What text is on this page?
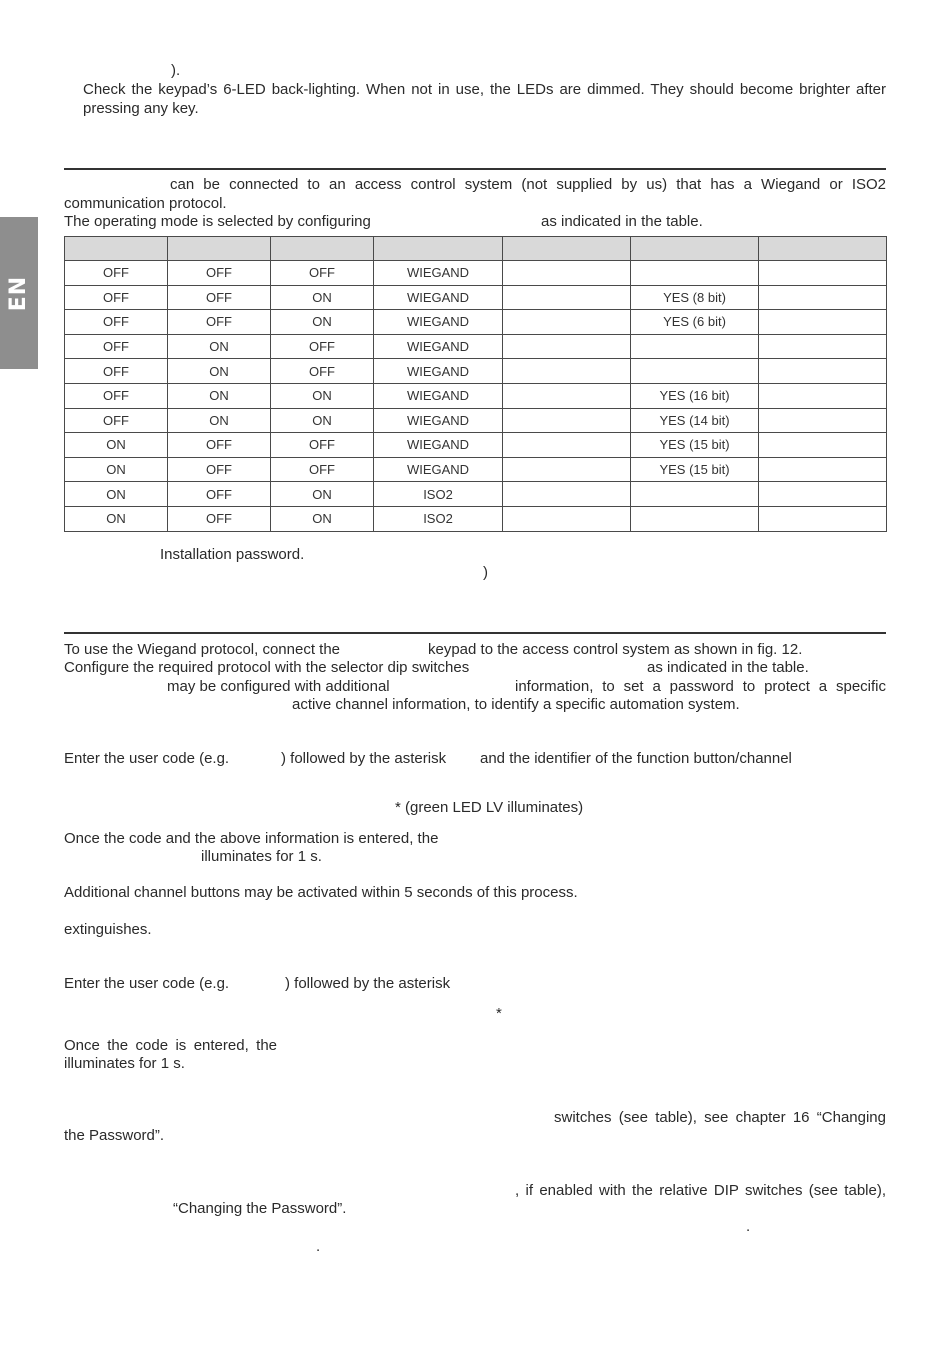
EN
).
Check the keypad’s 6-LED back-lighting. When not in use, the LEDs are dimmed. They should become brighter after
pressing any key.
can be connected to an access control system (not supplied by us) that has a Wiegand or ISO2
communication protocol.
The operating mode is selected by configuring	as indicated in the table.

OFF	OFF	OFF	WIEGAND			
OFF	OFF	ON	WIEGAND		YES (8 bit)	
OFF	OFF	ON	WIEGAND		YES (6 bit)	
OFF	ON	OFF	WIEGAND			
OFF	ON	OFF	WIEGAND			
OFF	ON	ON	WIEGAND		YES (16 bit)	
OFF	ON	ON	WIEGAND		YES (14 bit)	
ON	OFF	OFF	WIEGAND		YES (15 bit)	
ON	OFF	OFF	WIEGAND		YES (15 bit)	
ON	OFF	ON	ISO2			
ON	OFF	ON	ISO2			
Installation password.
)
To use the Wiegand protocol, connect the	keypad to the access control system as shown in fig. 12.
Configure the required protocol with the selector dip switches	as indicated in the table.
may be configured with additional	information, to set a password to protect a specific
active channel information, to identify a specific automation system.
Enter the user code (e.g.	) followed by the asterisk and the identifier of the function button/channel
* (green LED LV illuminates)
Once the code and the above information is entered, the
illuminates for 1 s.
Additional channel buttons may be activated within 5 seconds of this process.
extinguishes.
Enter the user code (e.g.	) followed by the asterisk
*
Once the code is entered, the
illuminates for 1 s.
switches (see table), see chapter 16 “Changing
the Password”.
, if enabled with the relative DIP switches (see table),
“Changing the Password”.
.
.
